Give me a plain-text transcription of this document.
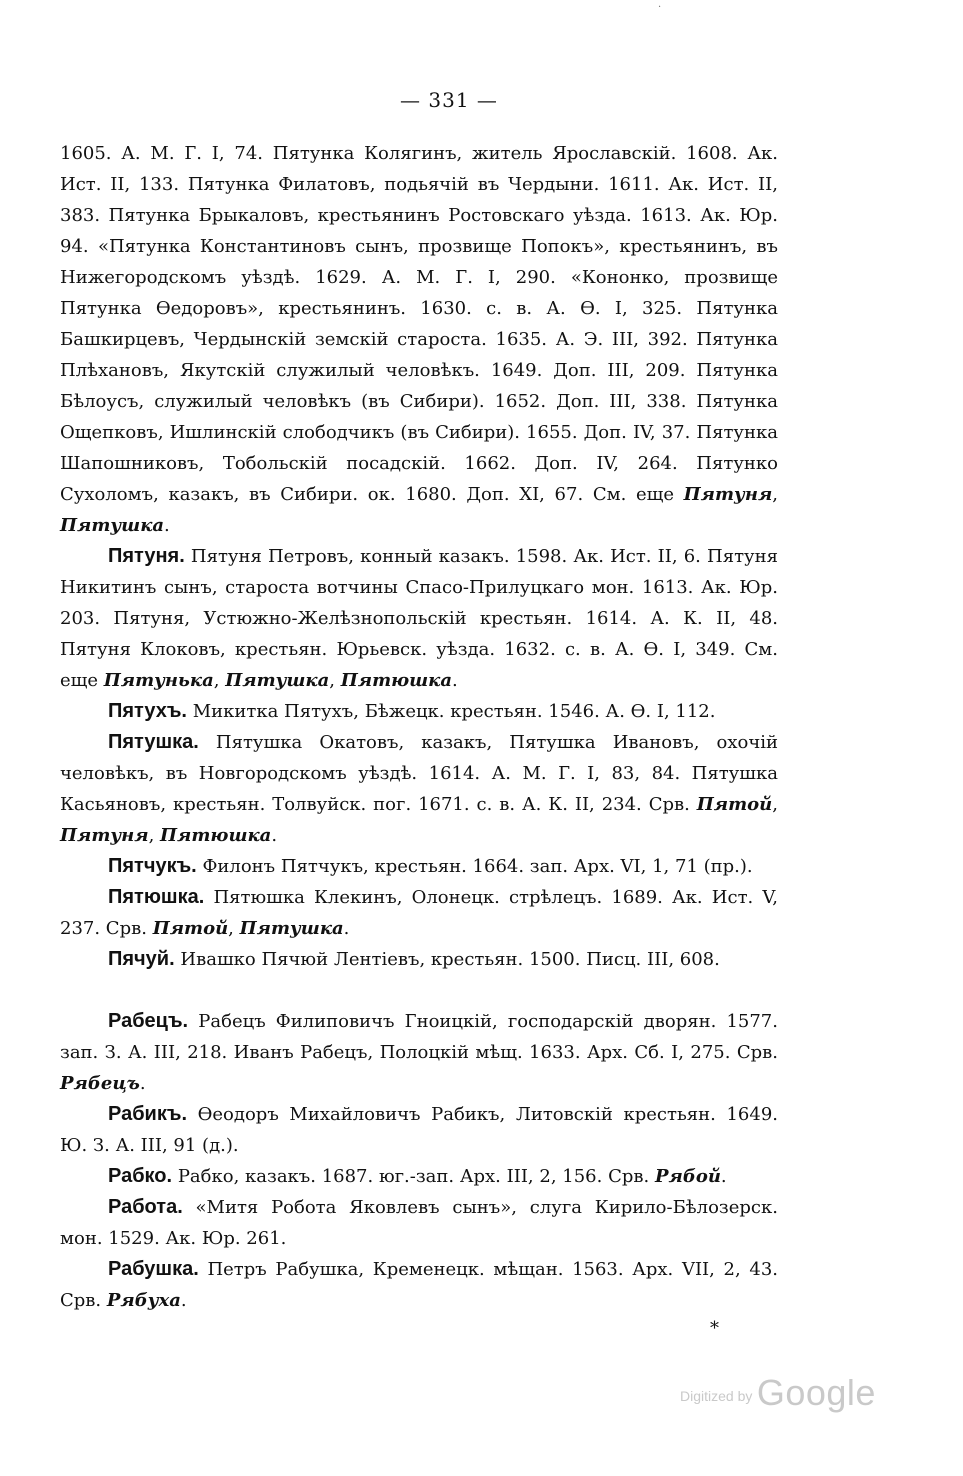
·
— 331 —

1605. А. М. Г. I, 74. Пятунка Колягинъ, житель Ярославскій. 1608. Ак. Ист. II, 133. Пятунка Филатовъ, подьячій въ Чердыни. 1611. Ак. Ист. II, 383. Пятунка Брыкаловъ, крестьянинъ Ростовскаго уѣзда. 1613. Ак. Юр. 94. «Пятунка Константиновъ сынъ, прозвище Попокъ», крестьянинъ, въ Нижегородскомъ уѣздѣ. 1629. А. М. Г. I, 290. «Кононко, прозвище Пятунка Ѳедоровъ», крестьянинъ. 1630. с. в. А. Ѳ. I, 325. Пятунка Башкирцевъ, Чердынскій земскій староста. 1635. А. Э. III, 392. Пятунка Плѣхановъ, Якутскій служилый человѣкъ. 1649. Доп. III, 209. Пятунка Бѣлоусъ, служилый человѣкъ (въ Сибири). 1652. Доп. III, 338. Пятунка Ощепковъ, Ишлинскій слободчикъ (въ Сибири). 1655. Доп. IV, 37. Пятунка Шапошниковъ, Тобольскій посадскій. 1662. Доп. IV, 264. Пятунко Сухоломъ, казакъ, въ Сибири. ок. 1680. Доп. XI, 67. См. еще Пятуня, Пятушка.

Пятуня. Пятуня Петровъ, конный казакъ. 1598. Ак. Ист. II, 6. Пятуня Никитинъ сынъ, староста вотчины Спасо-Прилуцкаго мон. 1613. Ак. Юр. 203. Пятуня, Устюжно-Желѣзнопольскій крестьян. 1614. А. К. II, 48. Пятуня Клоковъ, крестьян. Юрьевск. уѣзда. 1632. с. в. А. Ѳ. I, 349. См. еще Пятунька, Пятушка, Пятюшка.

Пятухъ. Микитка Пятухъ, Бѣжецк. крестьян. 1546. А. Ѳ. I, 112.

Пятушка. Пятушка Окатовъ, казакъ, Пятушка Ивановъ, охочій человѣкъ, въ Новгородскомъ уѣздѣ. 1614. А. М. Г. I, 83, 84. Пятушка Касьяновъ, крестьян. Толвуйск. пог. 1671. с. в. А. К. II, 234. Срв. Пятой, Пятуня, Пятюшка.

Пятчукъ. Филонъ Пятчукъ, крестьян. 1664. зап. Арх. VI, 1, 71 (пр.).

Пятюшка. Пятюшка Клекинъ, Олонецк. стрѣлецъ. 1689. Ак. Ист. V, 237. Срв. Пятой, Пятушка.

Пячуй. Ивашко Пячюй Лентіевъ, крестьян. 1500. Писц. III, 608.

Рабецъ. Рабецъ Филиповичъ Гноицкій, господарскій дворян. 1577. зап. З. А. III, 218. Иванъ Рабецъ, Полоцкій мѣщ. 1633. Арх. Сб. I, 275. Срв. Рябецъ.

Рабикъ. Ѳеодоръ Михайловичъ Рабикъ, Литовскій крестьян. 1649. Ю. З. А. III, 91 (д.).

Рабко. Рабко, казакъ. 1687. юг.-зап. Арх. III, 2, 156. Срв. Рябой.

Работа. «Митя Робота Яковлевъ сынъ», слуга Кирило-Бѣлозерск. мон. 1529. Ак. Юр. 261.

Рабушка. Петръ Рабушка, Кременецк. мѣщан. 1563. Арх. VII, 2, 43. Срв. Рябуха.

*
Digitized by Google
